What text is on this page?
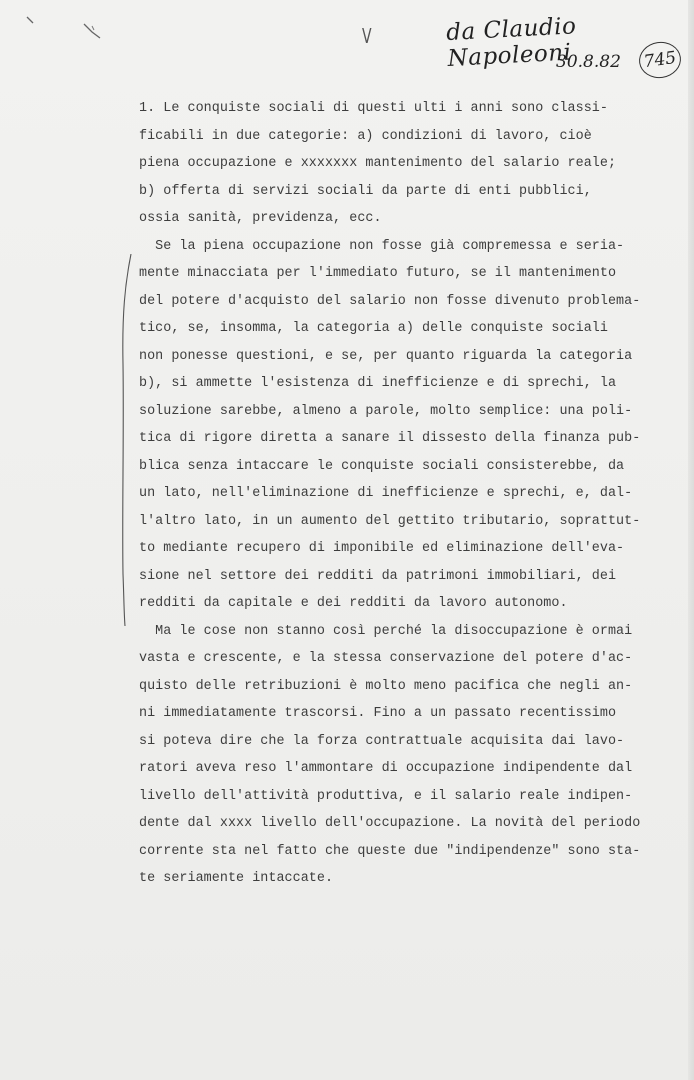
V	da Claudio Napoleoni
30.8.82 745
1. Le conquiste sociali di questi ulti i anni sono classi-
ficabili in due categorie: a) condizioni di lavoro, cioè
piena occupazione e xxxxxxx mantenimento del salario reale;
b) offerta di servizi sociali da parte di enti pubblici,
ossia sanità, previdenza, ecc.
Se la piena occupazione non fosse già compremessa e seria-
mente minacciata per l'immediato futuro, se il mantenimento
del potere d'acquisto del salario non fosse divenuto problema-
tico, se, insomma, la categoria a) delle conquiste sociali
non ponesse questioni, e se, per quanto riguarda la categoria
b), si ammette l'esistenza di inefficienze e di sprechi, la
soluzione sarebbe, almeno a parole, molto semplice: una poli-
tica di rigore diretta a sanare il dissesto della finanza pub-
blica senza intaccare le conquiste sociali consisterebbe, da
un lato, nell'eliminazione di inefficienze e sprechi, e, dal-
l'altro lato, in un aumento del gettito tributario, soprattut-
to mediante recupero di imponibile ed eliminazione dell'eva-
sione nel settore dei redditi da patrimoni immobiliari, dei
redditi da capitale e dei redditi da lavoro autonomo.
Ma le cose non stanno così perché la disoccupazione è ormai
vasta e crescente, e la stessa conservazione del potere d'ac-
quisto delle retribuzioni è molto meno pacifica che negli an-
ni immediatamente trascorsi. Fino a un passato recentissimo
si poteva dire che la forza contrattuale acquisita dai lavo-
ratori aveva reso l'ammontare di occupazione indipendente dal
livello dell'attività produttiva, e il salario reale indipen-
dente dal xxxx livello dell'occupazione. La novità del periodo
corrente sta nel fatto che queste due "indipendenze" sono sta-
te seriamente intaccate.
